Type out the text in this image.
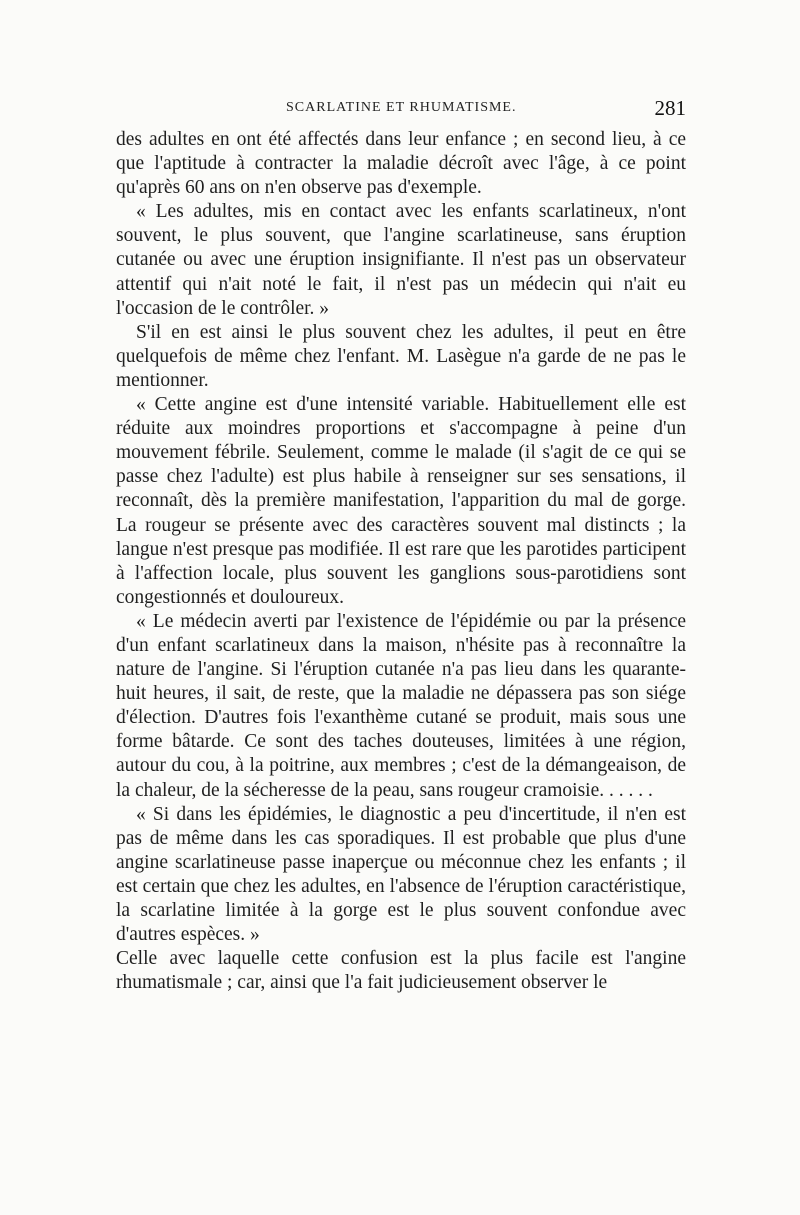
SCARLATINE ET RHUMATISME.	281

des adultes en ont été affectés dans leur enfance ; en second lieu, à ce que l'aptitude à contracter la maladie décroît avec l'âge, à ce point qu'après 60 ans on n'en observe pas d'exemple.

« Les adultes, mis en contact avec les enfants scarlatineux, n'ont souvent, le plus souvent, que l'angine scarlatineuse, sans éruption cutanée ou avec une éruption insignifiante. Il n'est pas un observateur attentif qui n'ait noté le fait, il n'est pas un médecin qui n'ait eu l'occasion de le contrôler. »

S'il en est ainsi le plus souvent chez les adultes, il peut en être quelquefois de même chez l'enfant. M. Lasègue n'a garde de ne pas le mentionner.

« Cette angine est d'une intensité variable. Habituellement elle est réduite aux moindres proportions et s'accompagne à peine d'un mouvement fébrile. Seulement, comme le malade (il s'agit de ce qui se passe chez l'adulte) est plus habile à renseigner sur ses sensations, il reconnaît, dès la première manifestation, l'apparition du mal de gorge. La rougeur se présente avec des caractères souvent mal distincts ; la langue n'est presque pas modifiée. Il est rare que les parotides participent à l'affection locale, plus souvent les ganglions sous-parotidiens sont congestionnés et douloureux.

« Le médecin averti par l'existence de l'épidémie ou par la présence d'un enfant scarlatineux dans la maison, n'hésite pas à reconnaître la nature de l'angine. Si l'éruption cutanée n'a pas lieu dans les quarante-huit heures, il sait, de reste, que la maladie ne dépassera pas son siége d'élection. D'autres fois l'exanthème cutané se produit, mais sous une forme bâtarde. Ce sont des taches douteuses, limitées à une région, autour du cou, à la poitrine, aux membres ; c'est de la démangeaison, de la chaleur, de la sécheresse de la peau, sans rougeur cramoisie. . . . . .

« Si dans les épidémies, le diagnostic a peu d'incertitude, il n'en est pas de même dans les cas sporadiques. Il est probable que plus d'une angine scarlatineuse passe inaperçue ou méconnue chez les enfants ; il est certain que chez les adultes, en l'absence de l'éruption caractéristique, la scarlatine limitée à la gorge est le plus souvent confondue avec d'autres espèces. »

Celle avec laquelle cette confusion est la plus facile est l'angine rhumatismale ; car, ainsi que l'a fait judicieusement observer le
